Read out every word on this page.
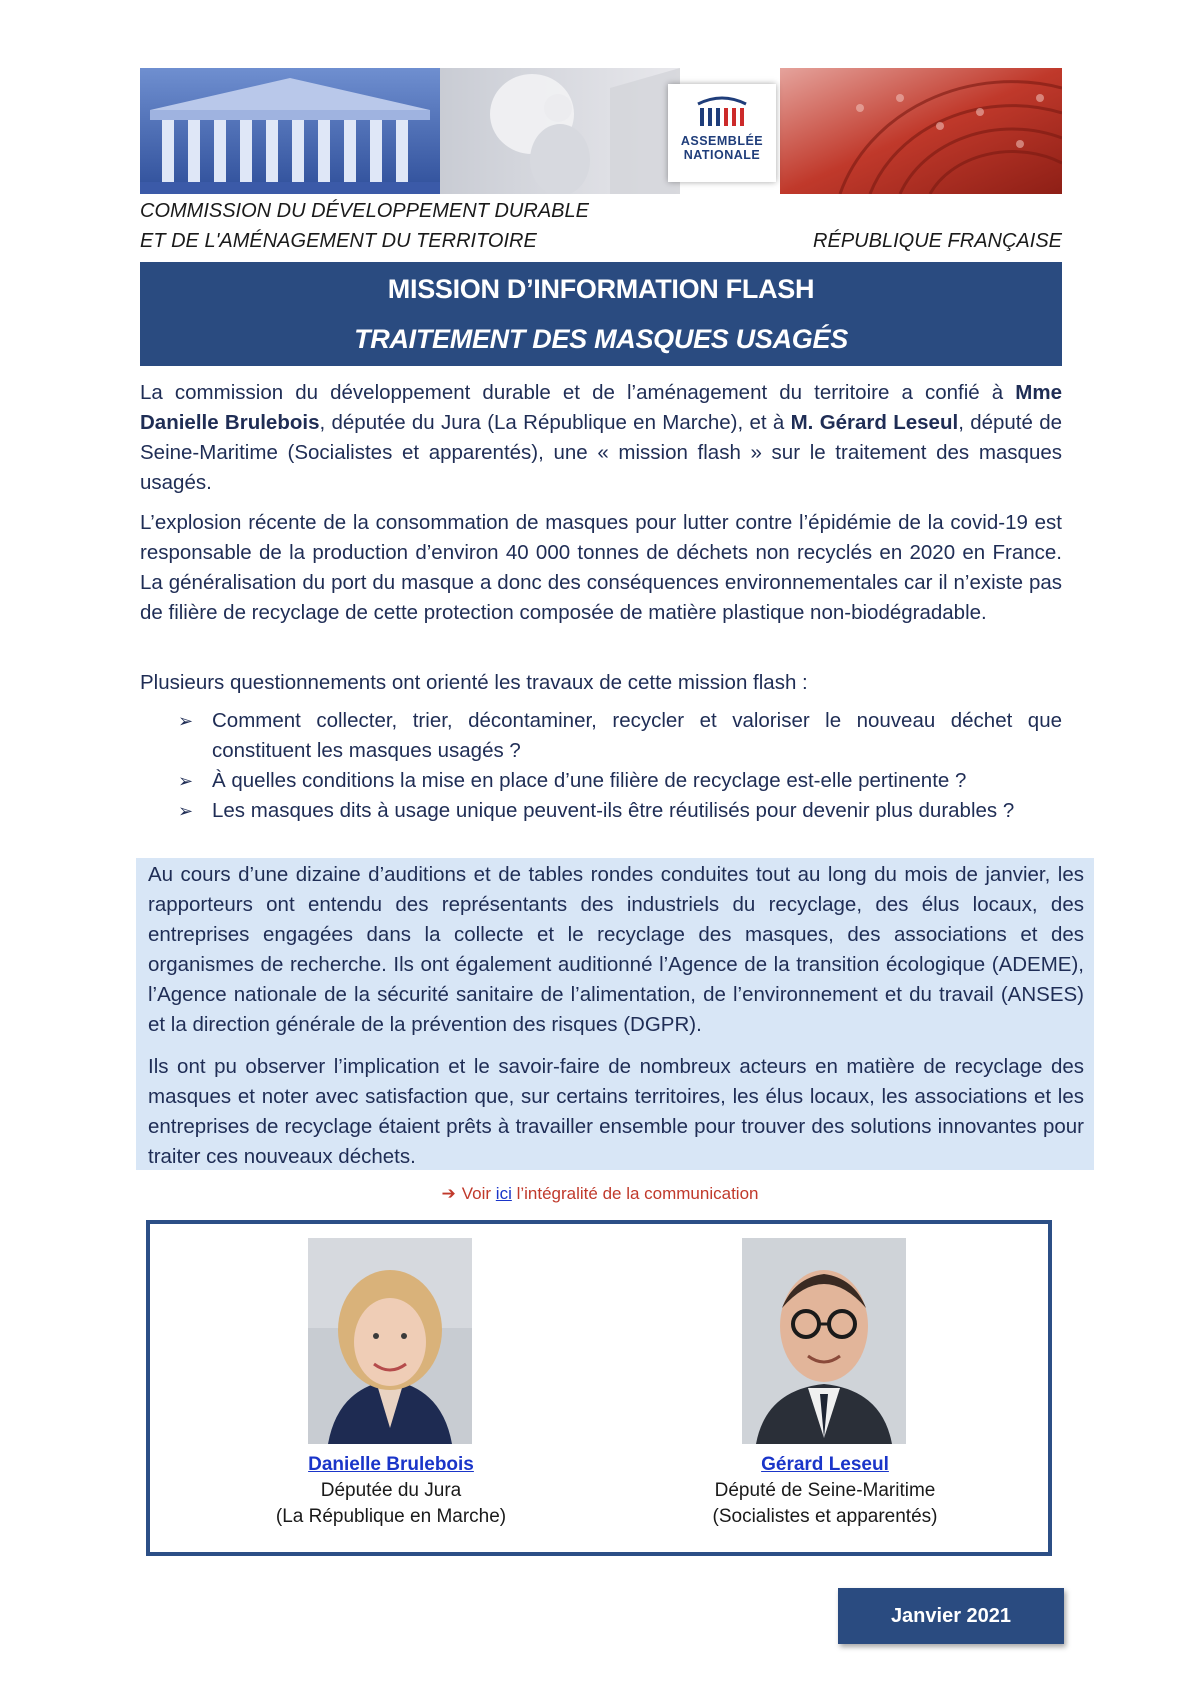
ASSEMBLÉE
NATIONALE
COMMISSION DU DÉVELOPPEMENT DURABLE
ET DE L'AMÉNAGEMENT DU TERRITOIRE	RÉPUBLIQUE FRANÇAISE
MISSION D’INFORMATION FLASH
TRAITEMENT DES MASQUES USAGÉS

La commission du développement durable et de l’aménagement du territoire a confié à Mme Danielle Brulebois, députée du Jura (La République en Marche), et à M. Gérard Leseul, député de Seine-Maritime (Socialistes et apparentés), une « mission flash » sur le traitement des masques usagés.

L’explosion récente de la consommation de masques pour lutter contre l’épidémie de la covid-19 est responsable de la production d’environ 40 000 tonnes de déchets non recyclés en 2020 en France. La généralisation du port du masque a donc des conséquences environnementales car il n’existe pas de filière de recyclage de cette protection composée de matière plastique non-biodégradable.

Plusieurs questionnements ont orienté les travaux de cette mission flash :

➢ Comment collecter, trier, décontaminer, recycler et valoriser le nouveau déchet que constituent les masques usagés ?
➢ À quelles conditions la mise en place d’une filière de recyclage est-elle pertinente ?
➢ Les masques dits à usage unique peuvent-ils être réutilisés pour devenir plus durables ?

Au cours d’une dizaine d’auditions et de tables rondes conduites tout au long du mois de janvier, les rapporteurs ont entendu des représentants des industriels du recyclage, des élus locaux, des entreprises engagées dans la collecte et le recyclage des masques, des associations et des organismes de recherche. Ils ont également auditionné l’Agence de la transition écologique (ADEME), l’Agence nationale de la sécurité sanitaire de l’alimentation, de l’environnement et du travail (ANSES) et la direction générale de la prévention des risques (DGPR).

Ils ont pu observer l’implication et le savoir-faire de nombreux acteurs en matière de recyclage des masques et noter avec satisfaction que, sur certains territoires, les élus locaux, les associations et les entreprises de recyclage étaient prêts à travailler ensemble pour trouver des solutions innovantes pour traiter ces nouveaux déchets.

➔ Voir ici l’intégralité de la communication
Danielle Brulebois
Députée du Jura
(La République en Marche)
Gérard Leseul
Député de Seine-Maritime
(Socialistes et apparentés)
Janvier 2021
